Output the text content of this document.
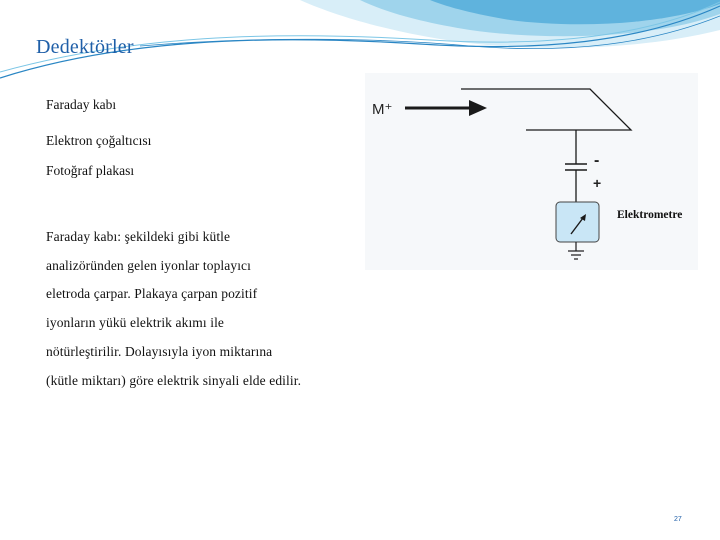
Dedektörler
Faraday kabı
Elektron çoğaltıcısı
Fotoğraf plakası
Faraday kabı: şekildeki gibi kütle
analizöründen gelen iyonlar toplayıcı
eletroda çarpar. Plakaya çarpan pozitif
iyonların yükü elektrik akımı ile
nötürleştirilir. Dolayısıyla iyon miktarına
(kütle miktarı) göre elektrik sinyali elde edilir.
M⁺
-
+
Elektrometre
27
